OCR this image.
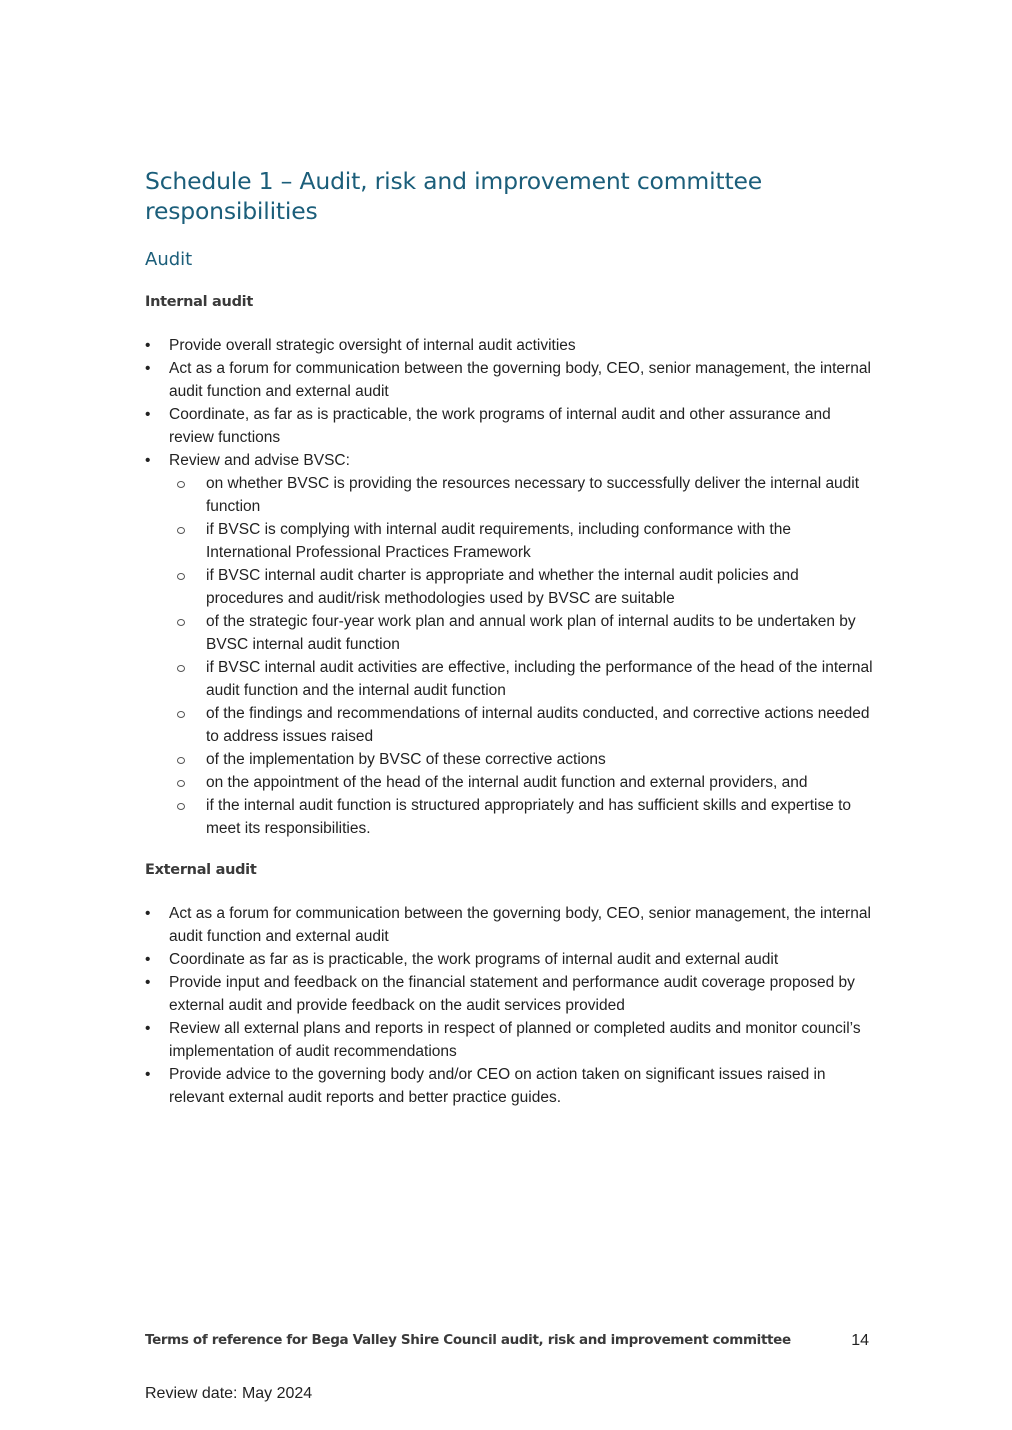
Schedule 1 – Audit, risk and improvement committee responsibilities
Audit
Internal audit
•	Provide overall strategic oversight of internal audit activities
•	Act as a forum for communication between the governing body, CEO, senior management, the internal audit function and external audit
•	Coordinate, as far as is practicable, the work programs of internal audit and other assurance and review functions
•	Review and advise BVSC:
on whether BVSC is providing the resources necessary to successfully deliver the internal audit function
if BVSC is complying with internal audit requirements, including conformance with the International Professional Practices Framework
if BVSC internal audit charter is appropriate and whether the internal audit policies and procedures and audit/risk methodologies used by BVSC are suitable
of the strategic four-year work plan and annual work plan of internal audits to be undertaken by BVSC internal audit function
if BVSC internal audit activities are effective, including the performance of the head of the internal audit function and the internal audit function
of the findings and recommendations of internal audits conducted, and corrective actions needed to address issues raised
of the implementation by BVSC of these corrective actions
on the appointment of the head of the internal audit function and external providers, and
if the internal audit function is structured appropriately and has sufficient skills and expertise to meet its responsibilities.
External audit
•	Act as a forum for communication between the governing body, CEO, senior management, the internal audit function and external audit
•	Coordinate as far as is practicable, the work programs of internal audit and external audit
•	Provide input and feedback on the financial statement and performance audit coverage proposed by external audit and provide feedback on the audit services provided
•	Review all external plans and reports in respect of planned or completed audits and monitor council’s implementation of audit recommendations
•	Provide advice to the governing body and/or CEO on action taken on significant issues raised in relevant external audit reports and better practice guides.
Terms of reference for Bega Valley Shire Council audit, risk and improvement committee	14
Review date: May 2024
